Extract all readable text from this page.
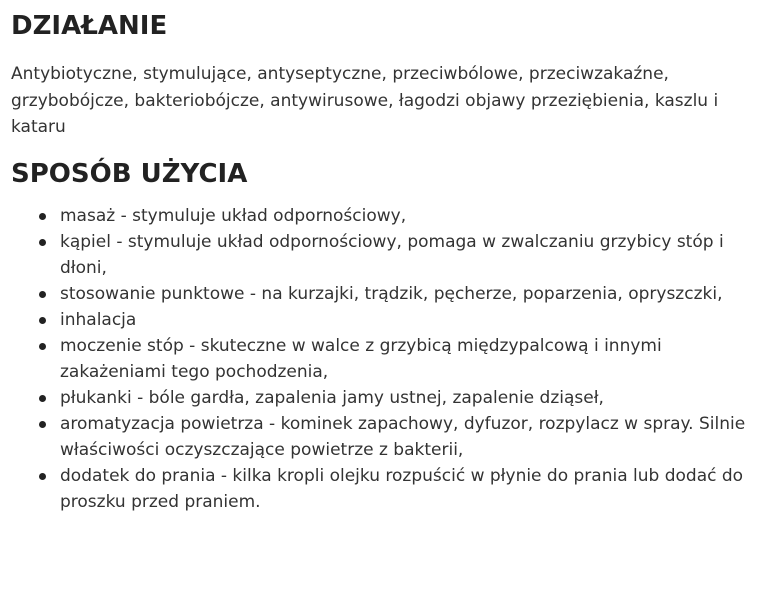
DZIAŁANIE

Antybiotyczne, stymulujące, antyseptyczne, przeciwbólowe, przeciwzakaźne, grzybobójcze, bakteriobójcze, antywirusowe, łagodzi objawy przeziębienia, kaszlu i kataru

SPOSÓB UŻYCIA
masaż - stymuluje układ odpornościowy,
kąpiel - stymuluje układ odpornościowy, pomaga w zwalczaniu grzybicy stóp i dłoni,
stosowanie punktowe - na kurzajki, trądzik, pęcherze, poparzenia, opryszczki,
inhalacja
moczenie stóp - skuteczne w walce z grzybicą międzypalcową i innymi zakażeniami tego pochodzenia,
płukanki - bóle gardła, zapalenia jamy ustnej, zapalenie dziąseł,
aromatyzacja powietrza - kominek zapachowy, dyfuzor, rozpylacz w spray. Silnie właściwości oczyszczające powietrze z bakterii,
dodatek do prania - kilka kropli olejku rozpuścić w płynie do prania lub dodać do proszku przed praniem.
